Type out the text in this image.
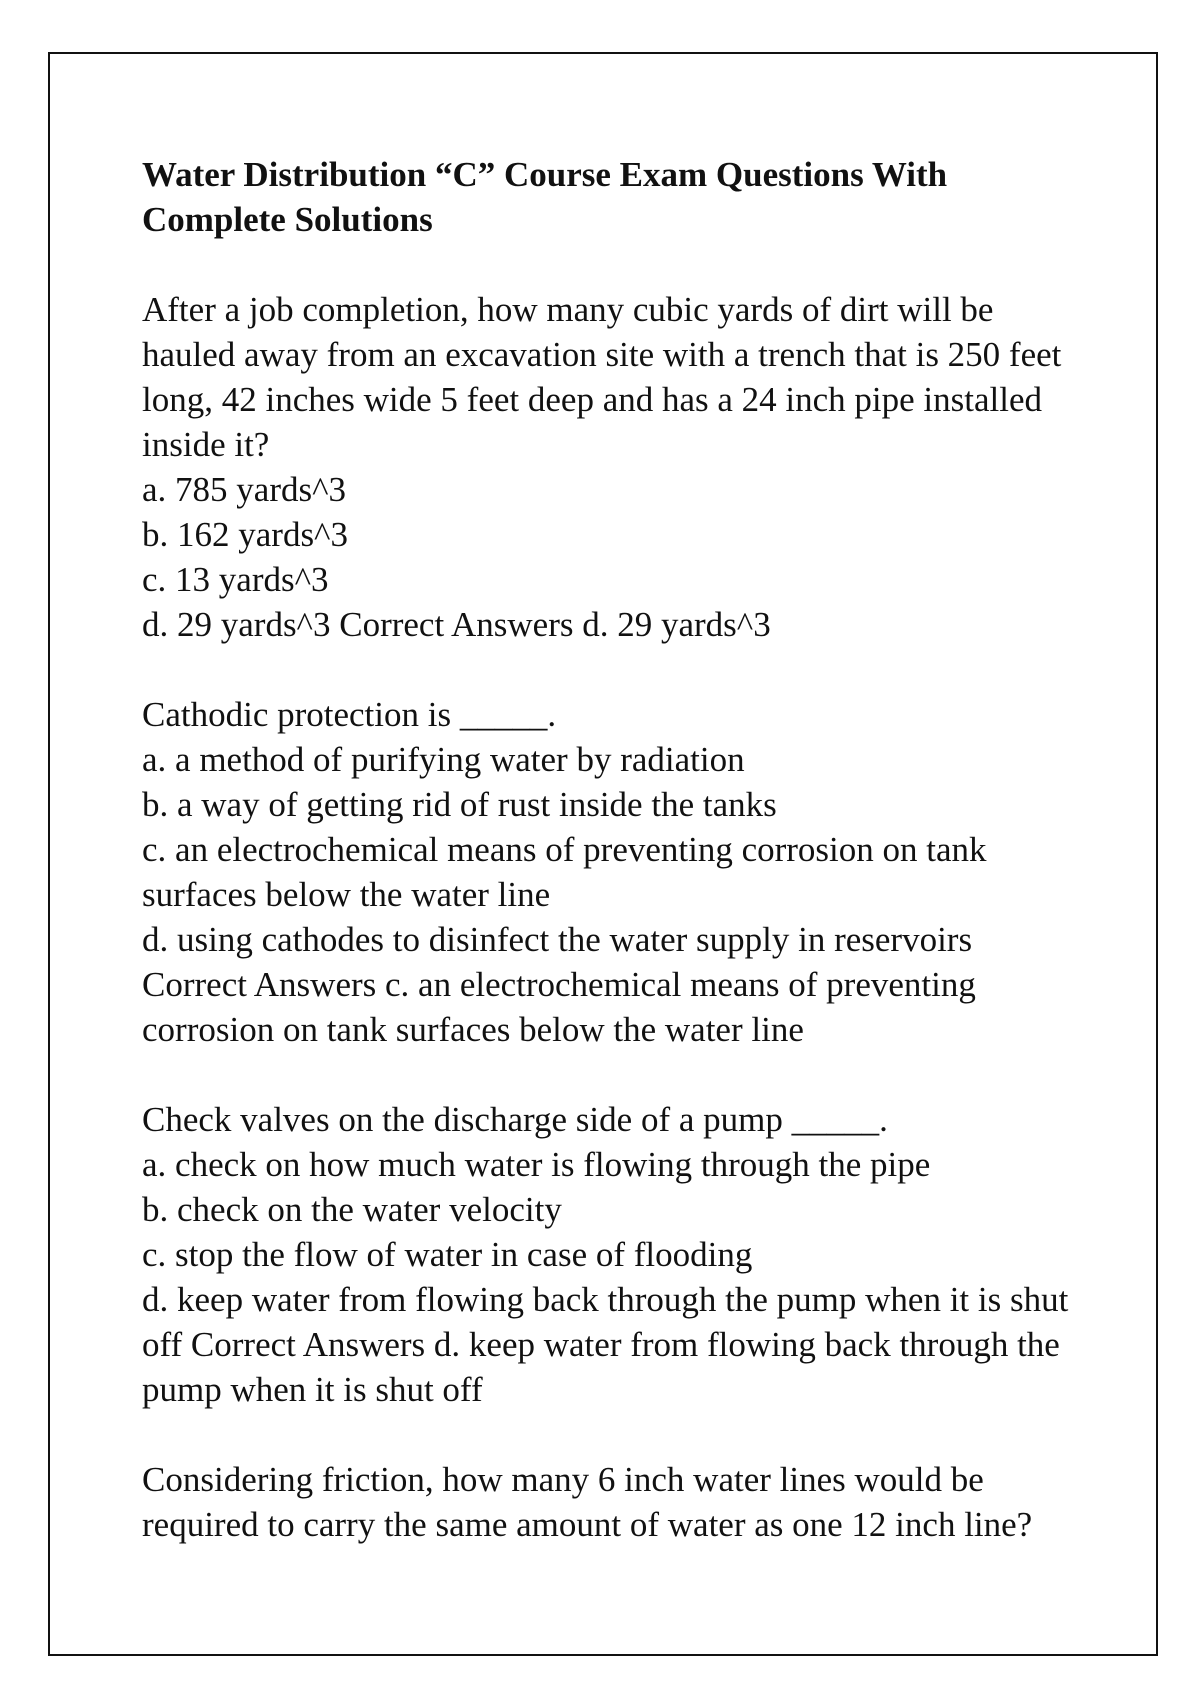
Water Distribution “C” Course Exam Questions With Complete Solutions
After a job completion, how many cubic yards of dirt will be hauled away from an excavation site with a trench that is 250 feet long, 42 inches wide 5 feet deep and has a 24 inch pipe installed inside it?
a. 785 yards^3
b. 162 yards^3
c. 13 yards^3
d. 29 yards^3 Correct Answers d. 29 yards^3
Cathodic protection is _____.
a. a method of purifying water by radiation
b. a way of getting rid of rust inside the tanks
c. an electrochemical means of preventing corrosion on tank surfaces below the water line
d. using cathodes to disinfect the water supply in reservoirs Correct Answers c. an electrochemical means of preventing corrosion on tank surfaces below the water line
Check valves on the discharge side of a pump _____.
a. check on how much water is flowing through the pipe
b. check on the water velocity
c. stop the flow of water in case of flooding
d. keep water from flowing back through the pump when it is shut off Correct Answers d. keep water from flowing back through the pump when it is shut off
Considering friction, how many 6 inch water lines would be required to carry the same amount of water as one 12 inch line?
